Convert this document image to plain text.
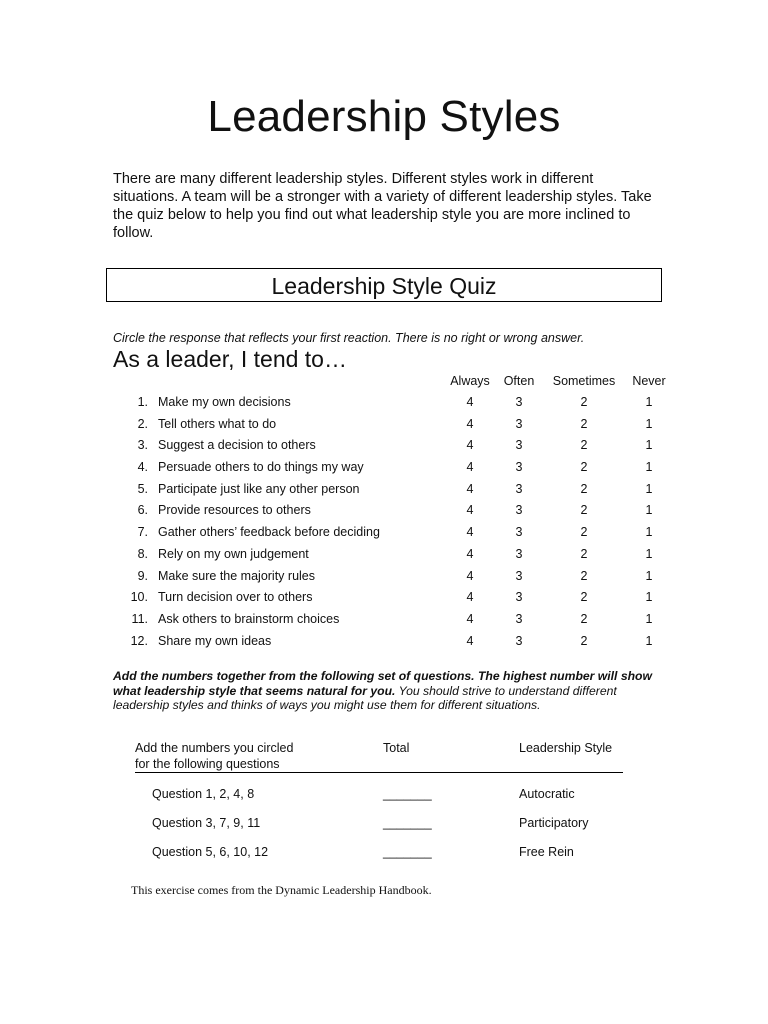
Leadership Styles

There are many different leadership styles. Different styles work in different situations. A team will be a stronger with a variety of different leadership styles. Take the quiz below to help you find out what leadership style you are more inclined to follow.

Leadership Style Quiz
Circle the response that reflects your first reaction. There is no right or wrong answer.
As a leader, I tend to…
Always	Often	Sometimes	Never
1. Make my own decisions	4	3	2	1
2. Tell others what to do	4	3	2	1
3. Suggest a decision to others	4	3	2	1
4. Persuade others to do things my way	4	3	2	1
5. Participate just like any other person	4	3	2	1
6. Provide resources to others	4	3	2	1
7. Gather others’ feedback before deciding	4	3	2	1
8. Rely on my own judgement	4	3	2	1
9. Make sure the majority rules	4	3	2	1
10. Turn decision over to others	4	3	2	1
11. Ask others to brainstorm choices	4	3	2	1
12. Share my own ideas	4	3	2	1

Add the numbers together from the following set of questions. The highest number will show what leadership style that seems natural for you. You should strive to understand different leadership styles and thinks of ways you might use them for different situations.

Add the numbers you circled
for the following questions
Total	Leadership Style
Question 1, 2, 4, 8	_______	Autocratic
Question 3, 7, 9, 11	_______	Participatory
Question 5, 6, 10, 12	_______	Free Rein
This exercise comes from the Dynamic Leadership Handbook.
